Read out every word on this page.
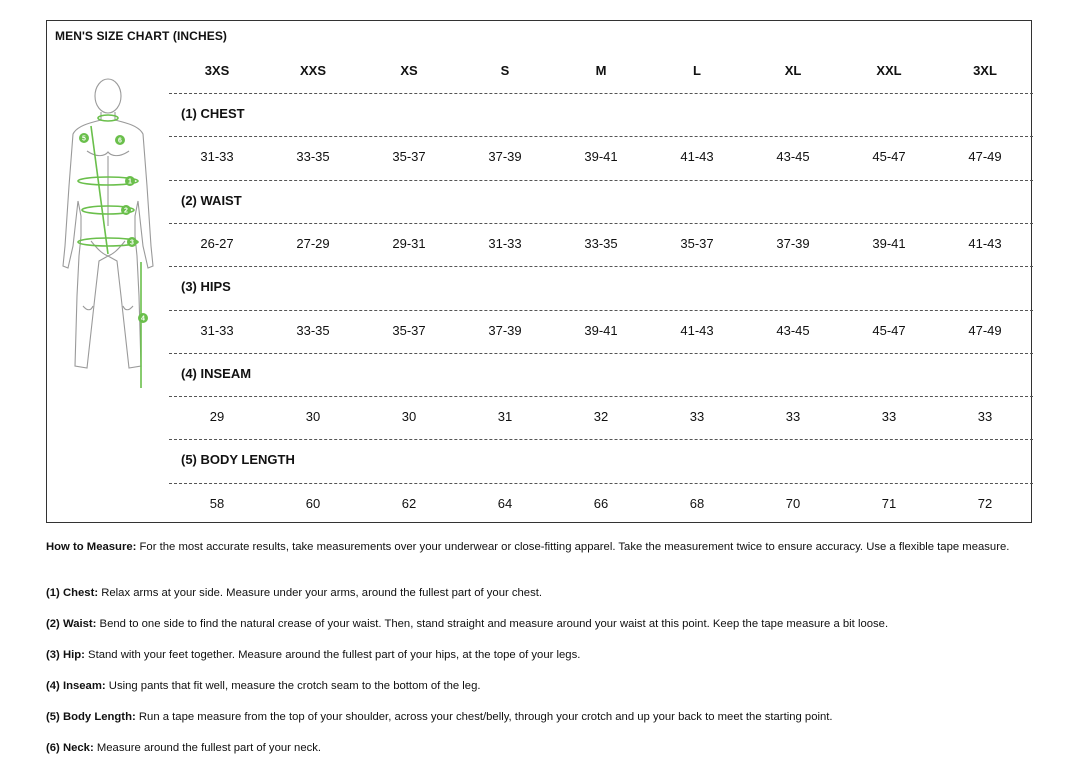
MEN'S SIZE CHART (INCHES)
5	6
1
2
3
4
3XS	XXS	XS	S	M	L	XL	XXL	3XL
(1) CHEST
31-33	33-35	35-37	37-39	39-41	41-43	43-45	45-47	47-49
(2) WAIST
26-27	27-29	29-31	31-33	33-35	35-37	37-39	39-41	41-43
(3) HIPS
31-33	33-35	35-37	37-39	39-41	41-43	43-45	45-47	47-49
(4) INSEAM
29	30	30	31	32	33	33	33	33
(5) BODY LENGTH
58	60	62	64	66	68	70	71	72
How to Measure: For the most accurate results, take measurements over your underwear or close-fitting apparel. Take the measurement twice to ensure accuracy. Use a flexible tape measure.
(1) Chest: Relax arms at your side. Measure under your arms, around the fullest part of your chest.
(2) Waist: Bend to one side to find the natural crease of your waist. Then, stand straight and measure around your waist at this point. Keep the tape measure a bit loose.
(3) Hip: Stand with your feet together. Measure around the fullest part of your hips, at the tope of your legs.
(4) Inseam: Using pants that fit well, measure the crotch seam to the bottom of the leg.
(5) Body Length: Run a tape measure from the top of your shoulder, across your chest/belly, through your crotch and up your back to meet the starting point.
(6) Neck: Measure around the fullest part of your neck.
